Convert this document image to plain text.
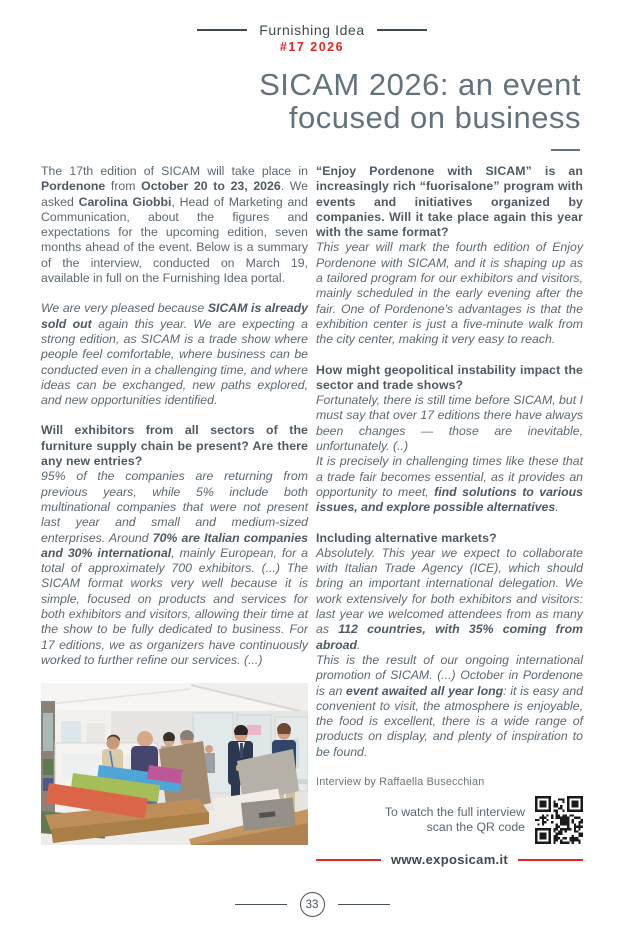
Furnishing Idea
#17 2026
SICAM 2026: an event
focused on business

The 17th edition of SICAM will take place in Pordenone from October 20 to 23, 2026. We asked Carolina Giobbi, Head of Marketing and Communication, about the figures and expectations for the upcoming edition, seven months ahead of the event. Below is a summary of the interview, conducted on March 19, available in full on the Furnishing Idea portal.

We are very pleased because SICAM is already sold out again this year. We are expecting a strong edition, as SICAM is a trade show where people feel comfortable, where business can be conducted even in a challenging time, and where ideas can be exchanged, new paths explored, and new opportunities identified.

Will exhibitors from all sectors of the furniture supply chain be present? Are there any new entries?

95% of the companies are returning from previous years, while 5% include both multinational companies that were not present last year and small and medium-sized enterprises. Around 70% are Italian companies and 30% international, mainly European, for a total of approximately 700 exhibitors. (...) The SICAM format works very well because it is simple, focused on products and services for both exhibitors and visitors, allowing their time at the show to be fully dedicated to business. For 17 editions, we as organizers have continuously worked to further refine our services. (...)

“Enjoy Pordenone with SICAM” is an increasingly rich “fuorisalone” program with events and initiatives organized by companies. Will it take place again this year with the same format?

This year will mark the fourth edition of Enjoy Pordenone with SICAM, and it is shaping up as a tailored program for our exhibitors and visitors, mainly scheduled in the early evening after the fair. One of Pordenone's advantages is that the exhibition center is just a five-minute walk from the city center, making it very easy to reach.

How might geopolitical instability impact the sector and trade shows?

Fortunately, there is still time before SICAM, but I must say that over 17 editions there have always been changes — those are inevitable, unfortunately. (..)

It is precisely in challenging times like these that a trade fair becomes essential, as it provides an opportunity to meet, find solutions to various issues, and explore possible alternatives.

Including alternative markets?

Absolutely. This year we expect to collaborate with Italian Trade Agency (ICE), which should bring an important international delegation. We work extensively for both exhibitors and visitors: last year we welcomed attendees from as many as 112 countries, with 35% coming from abroad.

This is the result of our ongoing international promotion of SICAM. (...) October in Pordenone is an event awaited all year long: it is easy and convenient to visit, the atmosphere is enjoyable, the food is excellent, there is a wide range of products on display, and plenty of inspiration to be found.

Interview by Raffaella Busecchian

To watch the full interview
scan the QR code
www.exposicam.it
33
